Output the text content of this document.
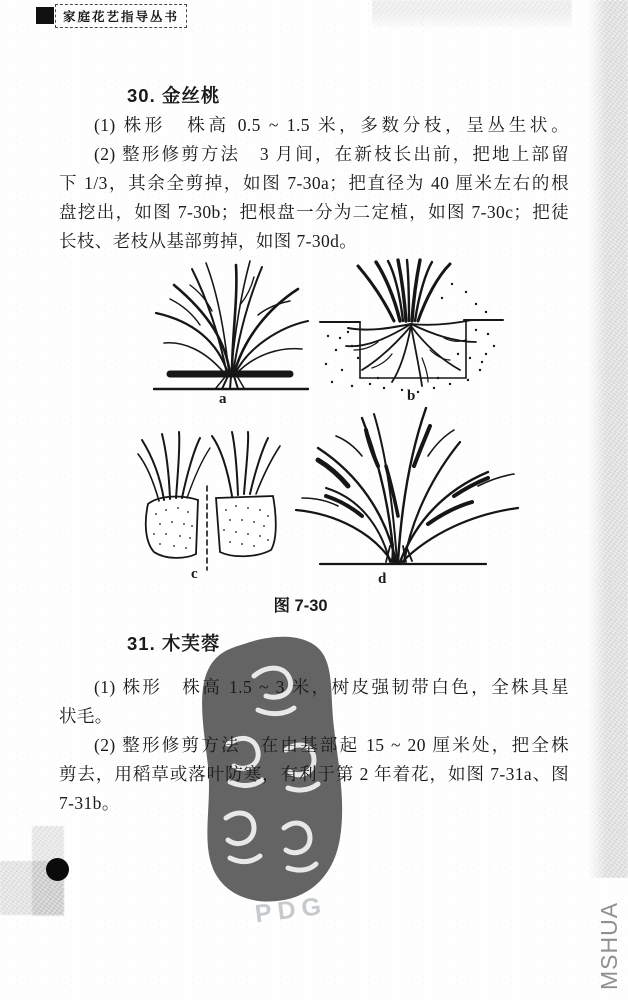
家庭花艺指导丛书
30. 金丝桃
(1) 株形　株高 0.5 ~ 1.5 米，多数分枝，呈丛生状。
(2) 整形修剪方法　3 月间，在新枝长出前，把地上部留
下 1/3，其余全剪掉，如图 7-30a；把直径为 40 厘米左右的根
盘挖出，如图 7-30b；把根盘一分为二定植，如图 7-30c；把徒
长枝、老枝从基部剪掉，如图 7-30d。
a	b
c	d
图 7-30
31. 木芙蓉
(1) 株形　株高 1.5 ~ 3 米，树皮强韧带白色，全株具星
状毛。
(2) 整形修剪方法　在由基部起 15 ~ 20 厘米处，把全株
剪去，用稻草或落叶防寒，有利于第 2 年着花，如图 7-31a、图
7-31b。
PDG	MSHUA
